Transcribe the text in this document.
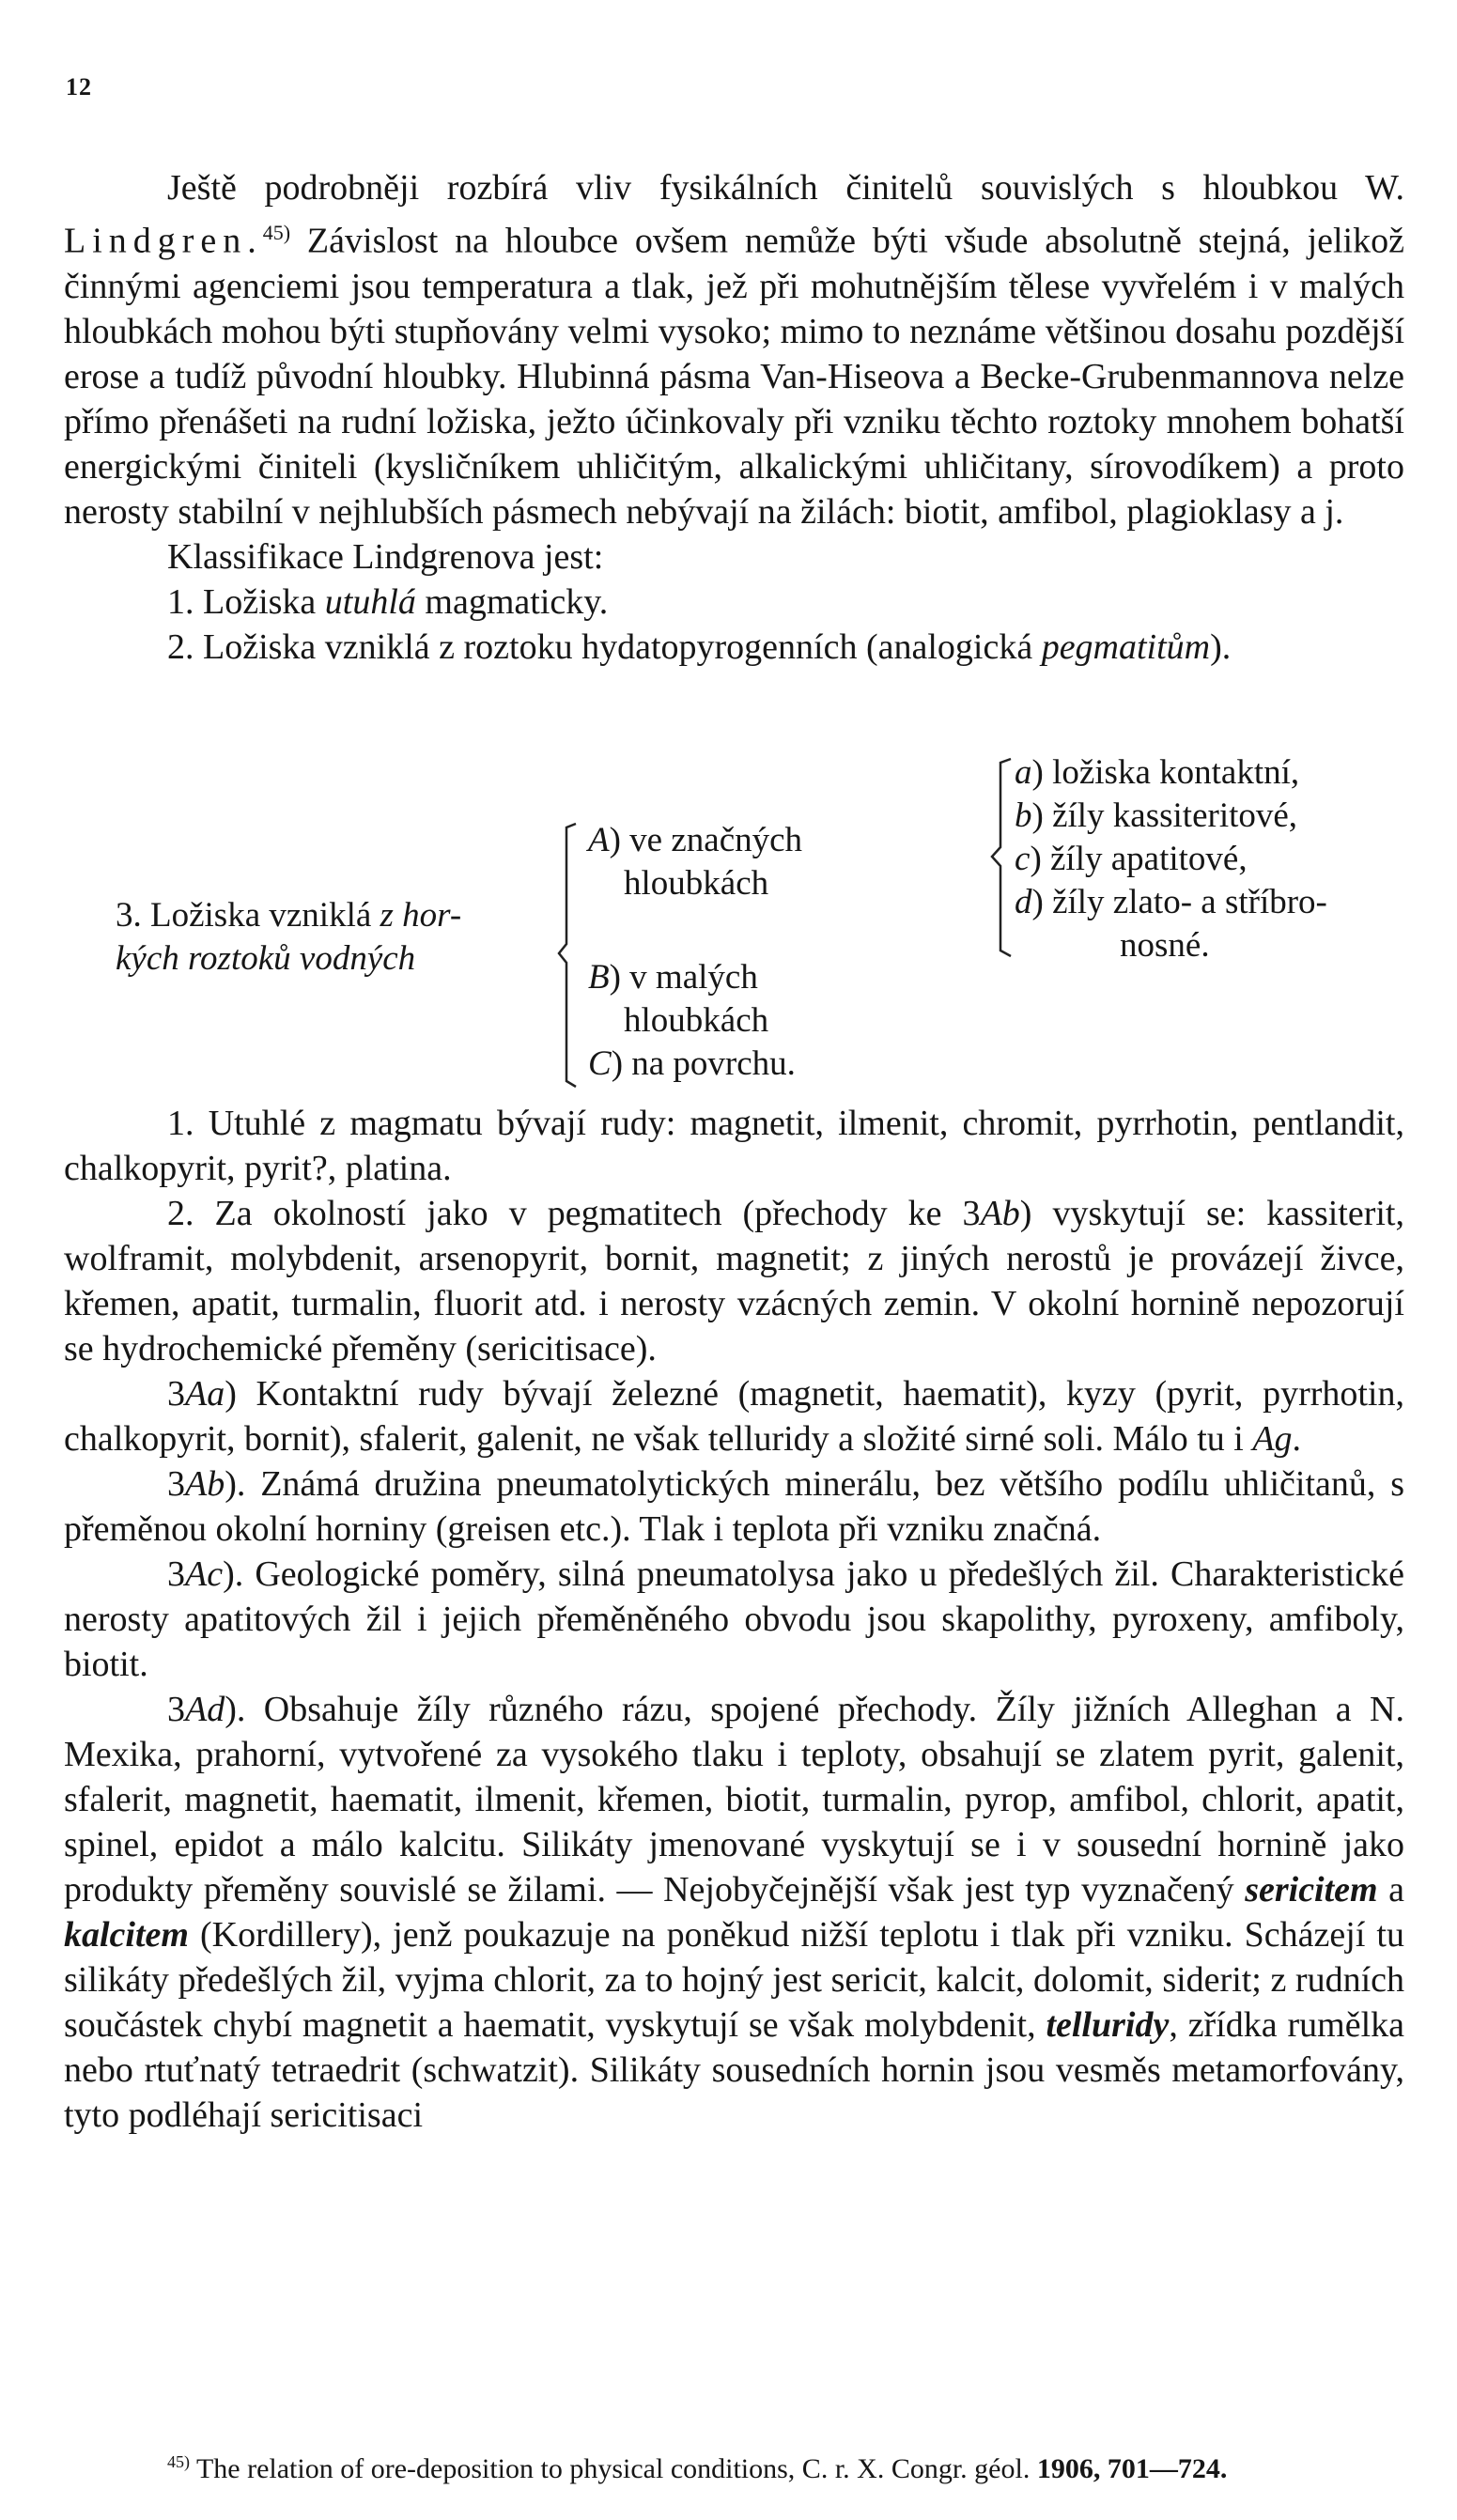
12

Ještě podrobněji rozbírá vliv fysikálních činitelů souvislých s hloubkou W. Lindgren.$^{45)}$ Závislost na hloubce ovšem nemůže býti všude absolutně stejná, jelikož činnými agenciemi jsou temperatura a tlak, jež při mohutnějším tělese vyvřelém i v malých hloubkách mohou býti stupňovány velmi vysoko; mimo to neznáme většinou dosahu pozdější erose a tudíž původní hloubky. Hlubinná pásma Van-Hiseova a Becke-Grubenmannova nelze přímo přenášeti na rudní ložiska, ježto účinkovaly při vzniku těchto roztoky mnohem bohatší energickými činiteli (kysličníkem uhličitým, alkalickými uhličitany, sírovodíkem) a proto nerosty stabilní v nejhlubších pásmech nebývají na žilách: biotit, amfibol, plagioklasy a j.

Klassifikace Lindgrenova jest:

1. Ložiska utuhlá magmaticky.

2. Ložiska vzniklá z roztoku hydatopyrogenních (analogická pegmatitům).

3. Ložiska vzniklá z hor-
kých roztoků vodných
A) ve značných
hloubkách
B) v malých
hloubkách
C) na povrchu.
a) ložiska kontaktní,
b) žíly kassiteritové,
c) žíly apatitové,
d) žíly zlato- a stříbro-
nosné.

1. Utuhlé z magmatu bývají rudy: magnetit, ilmenit, chromit, pyrrhotin, pentlandit, chalkopyrit, pyrit?, platina.

2. Za okolností jako v pegmatitech (přechody ke 3Ab) vyskytují se: kassiterit, wolframit, molybdenit, arsenopyrit, bornit, magnetit; z jiných nerostů je provázejí živce, křemen, apatit, turmalin, fluorit atd. i nerosty vzácných zemin. V okolní hornině nepozorují se hydrochemické přeměny (sericitisace).

3Aa) Kontaktní rudy bývají železné (magnetit, haematit), kyzy (pyrit, pyrrhotin, chalkopyrit, bornit), sfalerit, galenit, ne však telluridy a složité sirné soli. Málo tu i Ag.

3Ab). Známá družina pneumatolytických minerálu, bez většího podílu uhličitanů, s přeměnou okolní horniny (greisen etc.). Tlak i teplota při vzniku značná.

3Ac). Geologické poměry, silná pneumatolysa jako u předešlých žil. Charakteristické nerosty apatitových žil i jejich přeměněného obvodu jsou skapolithy, pyroxeny, amfiboly, biotit.

3Ad). Obsahuje žíly různého rázu, spojené přechody. Žíly jižních Alleghan a N. Mexika, prahorní, vytvořené za vysokého tlaku i teploty, obsahují se zlatem pyrit, galenit, sfalerit, magnetit, haematit, ilmenit, křemen, biotit, turmalin, pyrop, amfibol, chlorit, apatit, spinel, epidot a málo kalcitu. Silikáty jmenované vyskytují se i v sousední hornině jako produkty přeměny souvislé se žilami. — Nejobyčejnější však jest typ vyznačený sericitem a kalcitem (Kordillery), jenž poukazuje na poněkud nižší teplotu i tlak při vzniku. Scházejí tu silikáty předešlých žil, vyjma chlorit, za to hojný jest sericit, kalcit, dolomit, siderit; z rudních součástek chybí magnetit a haematit, vyskytují se však molybdenit, telluridy, zřídka rumělka nebo rtuťnatý tetraedrit (schwatzit). Silikáty sousedních hornin jsou vesměs metamorfovány, tyto podléhají sericitisaci

$^{45)}$ The relation of ore-deposition to physical conditions, C. r. X. Congr. géol. 1906, 701—724.
